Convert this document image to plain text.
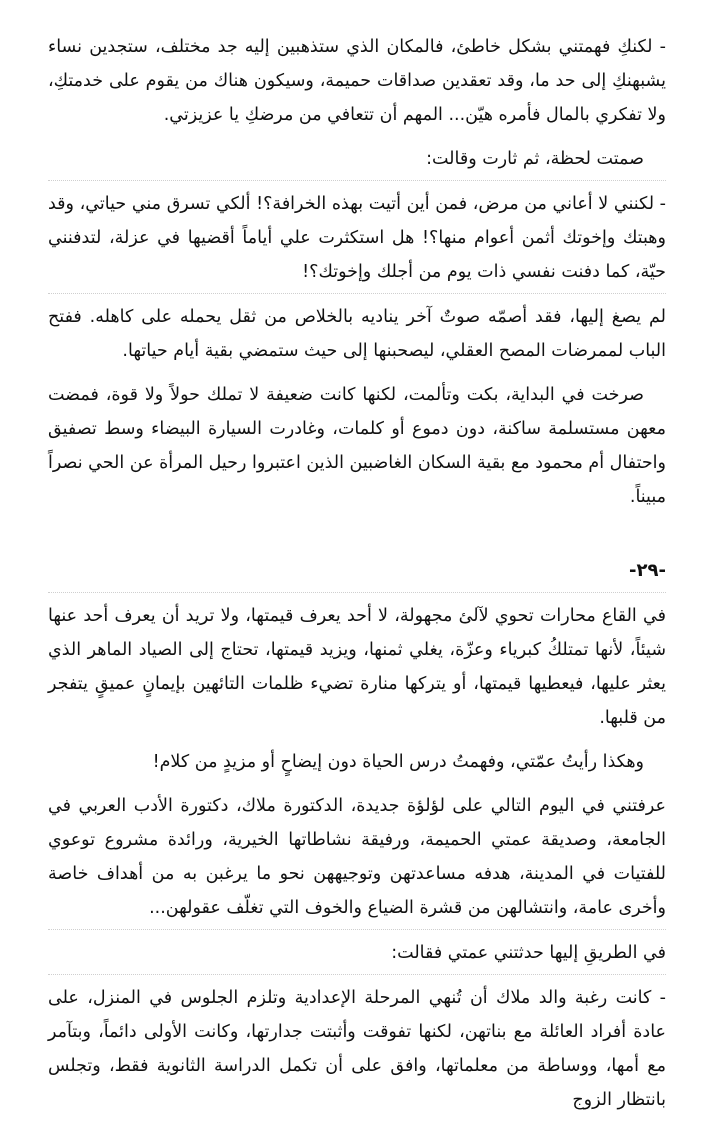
- لكنكِ فهمتني بشكل خاطئ، فالمكان الذي ستذهبين إليه جد مختلف، ستجدين نساء يشبهنكِ إلى حد ما، وقد تعقدين صداقات حميمة، وسيكون هناك من يقوم على خدمتكِ، ولا تفكري بالمال فأمره هيّن... المهم أن تتعافي من مرضكِ يا عزيزتي.

صمتت لحظة، ثم ثارت وقالت:

- لكنني لا أعاني من مرض، فمن أين أتيت بهذه الخرافة؟! ألكي تسرق مني حياتي، وقد وهبتك وإخوتك أثمن أعوام منها؟! هل استكثرت علي أياماً أقضيها في عزلة، لتدفنني حيّة، كما دفنت نفسي ذات يوم من أجلك وإخوتك؟!

لم يصغ إليها، فقد أصمّه صوتٌ آخر يناديه بالخلاص من ثقل يحمله على كاهله. ففتح الباب لممرضات المصح العقلي، ليصحبنها إلى حيث ستمضي بقية أيام حياتها.

صرخت في البداية، بكت وتألمت، لكنها كانت ضعيفة لا تملك حولاً ولا قوة، فمضت معهن مستسلمة ساكنة، دون دموع أو كلمات، وغادرت السيارة البيضاء وسط تصفيق واحتفال أم محمود مع بقية السكان الغاضبين الذين اعتبروا رحيل المرأة عن الحي نصراً مبيناً.

-٢٩-

في القاع محارات تحوي لآلئ مجهولة، لا أحد يعرف قيمتها، ولا تريد أن يعرف أحد عنها شيئاً، لأنها تمتلكُ كبرياء وعزّة، يغلي ثمنها، ويزيد قيمتها، تحتاج إلى الصياد الماهر الذي يعثر عليها، فيعطيها قيمتها، أو يتركها منارة تضيء ظلمات التائهين بإيمانٍ عميقٍ يتفجر من قلبها.

وهكذا رأيتُ عمّتي، وفهمتُ درس الحياة دون إيضاحٍ أو مزيدٍ من كلام!

عرفتني في اليوم التالي على لؤلؤة جديدة، الدكتورة ملاك، دكتورة الأدب العربي في الجامعة، وصديقة عمتي الحميمة، ورفيقة نشاطاتها الخيرية، ورائدة مشروع توعوي للفتيات في المدينة، هدفه مساعدتهن وتوجيههن نحو ما يرغبن به من أهداف خاصة وأخرى عامة، وانتشالهن من قشرة الضياع والخوف التي تغلّف عقولهن...

في الطريقِ إليها حدثتني عمتي فقالت:

- كانت رغبة والد ملاك أن تُنهي المرحلة الإعدادية وتلزم الجلوس في المنزل، على عادة أفراد العائلة مع بناتهن، لكنها تفوقت وأثبتت جدارتها، وكانت الأولى دائماً، وبتآمر مع أمها، ووساطة من معلماتها، وافق على أن تكمل الدراسة الثانوية فقط، وتجلس بانتظار الزوج
